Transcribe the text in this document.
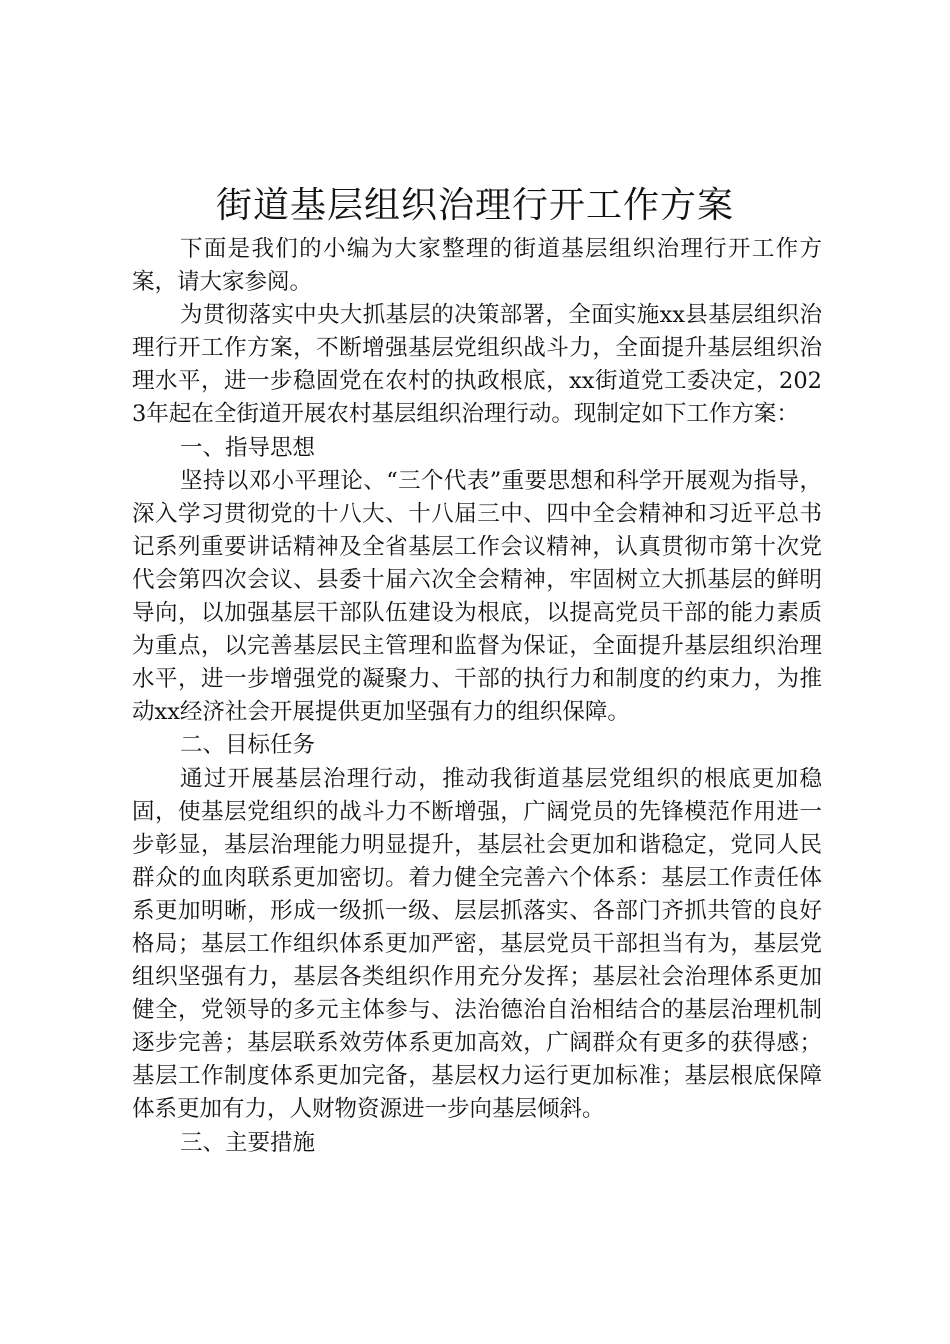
街道基层组织治理行开工作方案

下面是我们的小编为大家整理的街道基层组织治理行开工作方案，请大家参阅。

为贯彻落实中央大抓基层的决策部署，全面实施xx县基层组织治理行开工作方案，不断增强基层党组织战斗力，全面提升基层组织治理水平，进一步稳固党在农村的执政根底，xx街道党工委决定，2023年起在全街道开展农村基层组织治理行动。现制定如下工作方案：

一、指导思想

坚持以邓小平理论、“三个代表”重要思想和科学开展观为指导，深入学习贯彻党的十八大、十八届三中、四中全会精神和习近平总书记系列重要讲话精神及全省基层工作会议精神，认真贯彻市第十次党代会第四次会议、县委十届六次全会精神，牢固树立大抓基层的鲜明导向，以加强基层干部队伍建设为根底，以提高党员干部的能力素质为重点，以完善基层民主管理和监督为保证，全面提升基层组织治理水平，进一步增强党的凝聚力、干部的执行力和制度的约束力，为推动xx经济社会开展提供更加坚强有力的组织保障。

二、目标任务

通过开展基层治理行动，推动我街道基层党组织的根底更加稳固，使基层党组织的战斗力不断增强，广阔党员的先锋模范作用进一步彰显，基层治理能力明显提升，基层社会更加和谐稳定，党同人民群众的血肉联系更加密切。着力健全完善六个体系：基层工作责任体系更加明晰，形成一级抓一级、层层抓落实、各部门齐抓共管的良好格局；基层工作组织体系更加严密，基层党员干部担当有为，基层党组织坚强有力，基层各类组织作用充分发挥；基层社会治理体系更加健全，党领导的多元主体参与、法治德治自治相结合的基层治理机制逐步完善；基层联系效劳体系更加高效，广阔群众有更多的获得感；基层工作制度体系更加完备，基层权力运行更加标准；基层根底保障体系更加有力，人财物资源进一步向基层倾斜。

三、主要措施
